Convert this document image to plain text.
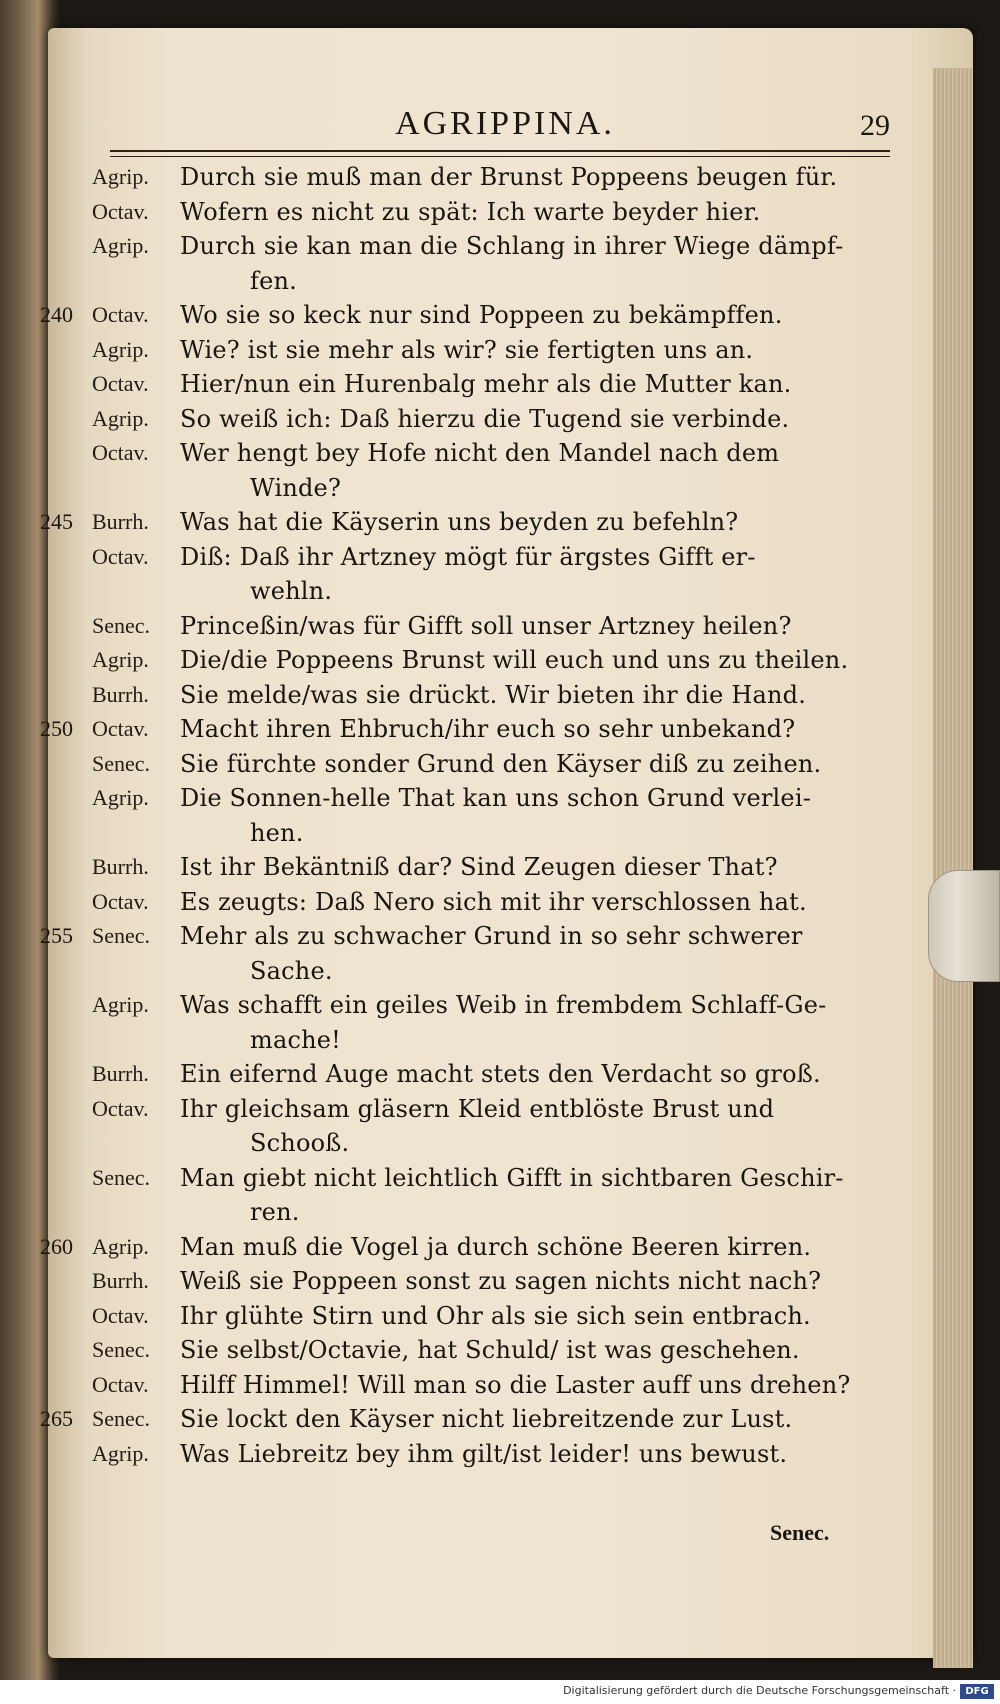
AGRIPPINA.	29
Agrip.	Durch sie muß man der Brunst Poppeens beugen für.
Octav.	Wofern es nicht zu spät: Ich warte beyder hier.
Agrip.	Durch sie kan man die Schlang in ihrer Wiege dämpf-
fen.
240 Octav.	Wo sie so keck nur sind Poppeen zu bekämpffen.
Agrip.	Wie? ist sie mehr als wir? sie fertigten uns an.
Octav.	Hier/nun ein Hurenbalg mehr als die Mutter kan.
Agrip.	So weiß ich: Daß hierzu die Tugend sie verbinde.
Octav.	Wer hengt bey Hofe nicht den Mandel nach dem
Winde?
245 Burrh.	Was hat die Käyserin uns beyden zu befehln?
Octav.	Diß: Daß ihr Artzney mögt für ärgstes Gifft er-
wehln.
Senec.	Princeßin/was für Gifft soll unser Artzney heilen?
Agrip.	Die/die Poppeens Brunst will euch und uns zu theilen.
Burrh.	Sie melde/was sie drückt. Wir bieten ihr die Hand.
250 Octav.	Macht ihren Ehbruch/ihr euch so sehr unbekand?
Senec.	Sie fürchte sonder Grund den Käyser diß zu zeihen.
Agrip.	Die Sonnen-helle That kan uns schon Grund verlei-
hen.
Burrh.	Ist ihr Bekäntniß dar? Sind Zeugen dieser That?
Octav.	Es zeugts: Daß Nero sich mit ihr verschlossen hat.
255 Senec.	Mehr als zu schwacher Grund in so sehr schwerer
Sache.
Agrip.	Was schafft ein geiles Weib in frembdem Schlaff-Ge-
mache!
Burrh.	Ein eifernd Auge macht stets den Verdacht so groß.
Octav.	Ihr gleichsam gläsern Kleid entblöste Brust und
Schooß.
Senec.	Man giebt nicht leichtlich Gifft in sichtbaren Geschir-
ren.
260 Agrip.	Man muß die Vogel ja durch schöne Beeren kirren.
Burrh.	Weiß sie Poppeen sonst zu sagen nichts nicht nach?
Octav.	Ihr glühte Stirn und Ohr als sie sich sein entbrach.
Senec.	Sie selbst/Octavie, hat Schuld/ ist was geschehen.
Octav.	Hilff Himmel! Will man so die Laster auff uns drehen?
265 Senec.	Sie lockt den Käyser nicht liebreitzende zur Lust.
Agrip.	Was Liebreitz bey ihm gilt/ist leider! uns bewust.
Senec.
Digitalisierung gefördert durch die Deutsche Forschungsgemeinschaft · DFG
